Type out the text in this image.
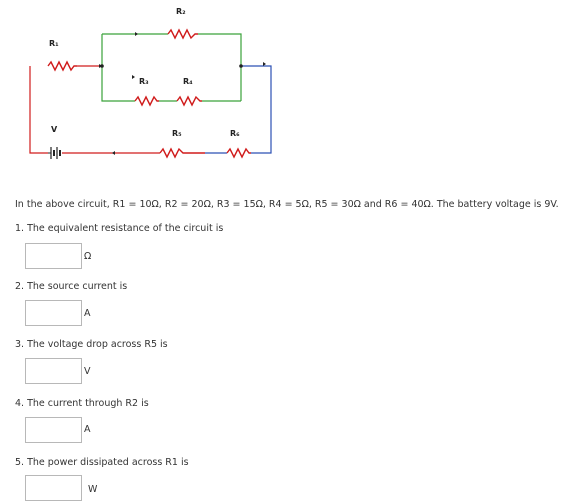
R₂
R₁
R₃	R₄
V	R₅	R₆
In the above circuit, R1 = 10Ω, R2 = 20Ω, R3 = 15Ω, R4 = 5Ω, R5 = 30Ω and R6 = 40Ω. The battery voltage is 9V.
1. The equivalent resistance of the circuit is
Ω
2. The source current is
A
3. The voltage drop across R5 is
V
4. The current through R2 is
A
5. The power dissipated across R1 is
W
